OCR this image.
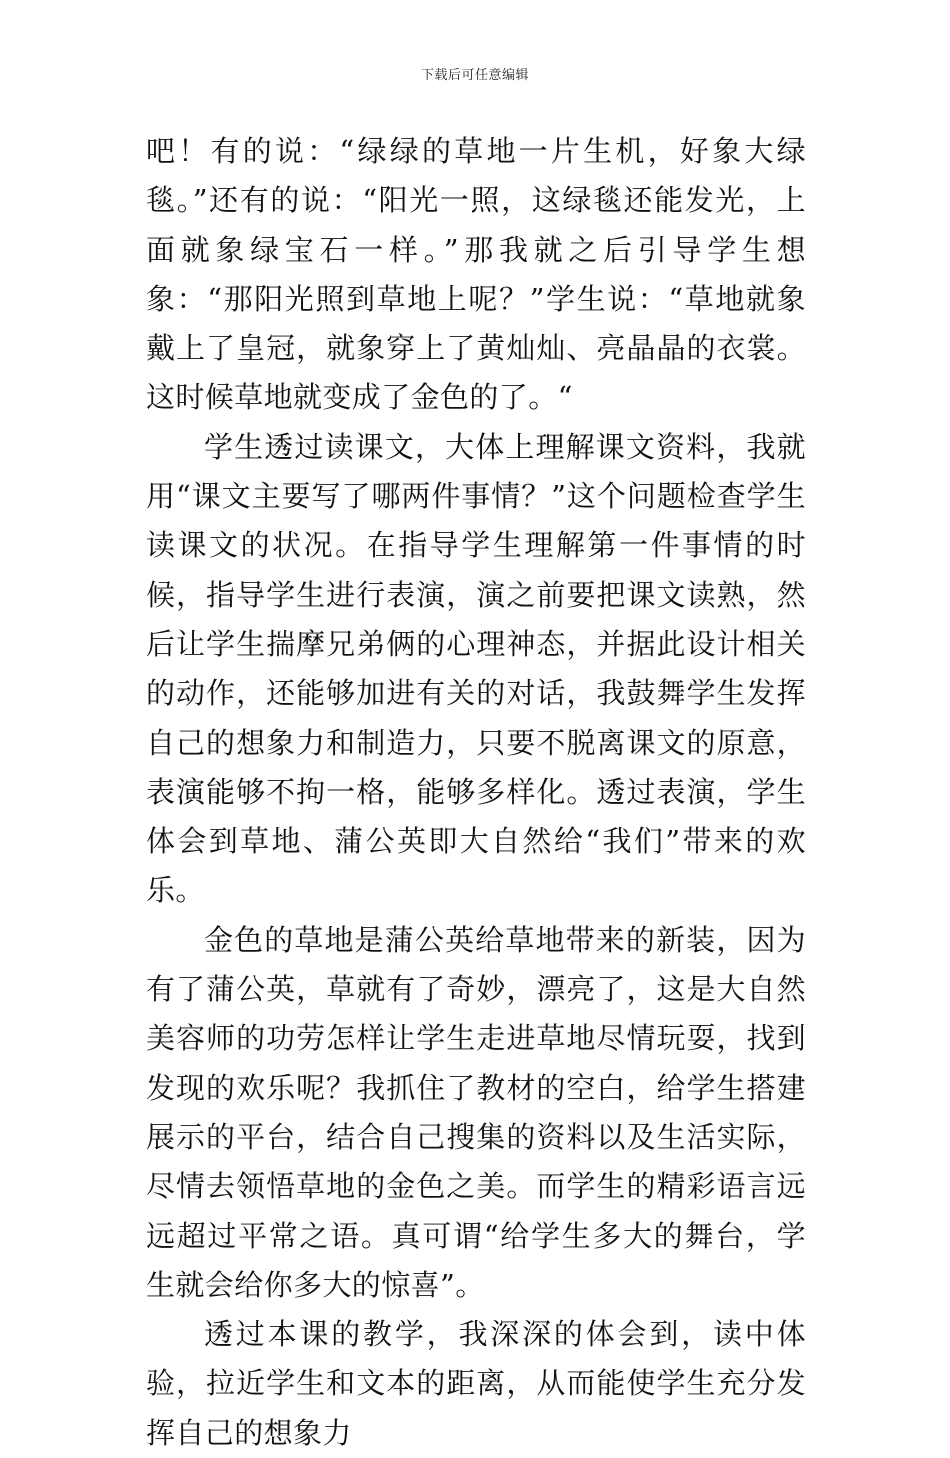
下载后可任意编辑

吧！有的说：“绿绿的草地一片生机，好象大绿毯。”还有的说：“阳光一照，这绿毯还能发光，上面就象绿宝石一样。”那我就之后引导学生想象：“那阳光照到草地上呢？”学生说：“草地就象戴上了皇冠，就象穿上了黄灿灿、亮晶晶的衣裳。这时候草地就变成了金色的了。“

学生透过读课文，大体上理解课文资料，我就用“课文主要写了哪两件事情？”这个问题检查学生读课文的状况。在指导学生理解第一件事情的时候，指导学生进行表演，演之前要把课文读熟，然后让学生揣摩兄弟俩的心理神态，并据此设计相关的动作，还能够加进有关的对话，我鼓舞学生发挥自己的想象力和制造力，只要不脱离课文的原意，表演能够不拘一格，能够多样化。透过表演，学生体会到草地、蒲公英即大自然给“我们”带来的欢乐。

金色的草地是蒲公英给草地带来的新装，因为有了蒲公英，草就有了奇妙，漂亮了，这是大自然美容师的功劳怎样让学生走进草地尽情玩耍，找到发现的欢乐呢？我抓住了教材的空白，给学生搭建展示的平台，结合自己搜集的资料以及生活实际，尽情去领悟草地的金色之美。而学生的精彩语言远远超过平常之语。真可谓“给学生多大的舞台，学生就会给你多大的惊喜”。

透过本课的教学，我深深的体会到，读中体验，拉近学生和文本的距离，从而能使学生充分发挥自己的想象力
